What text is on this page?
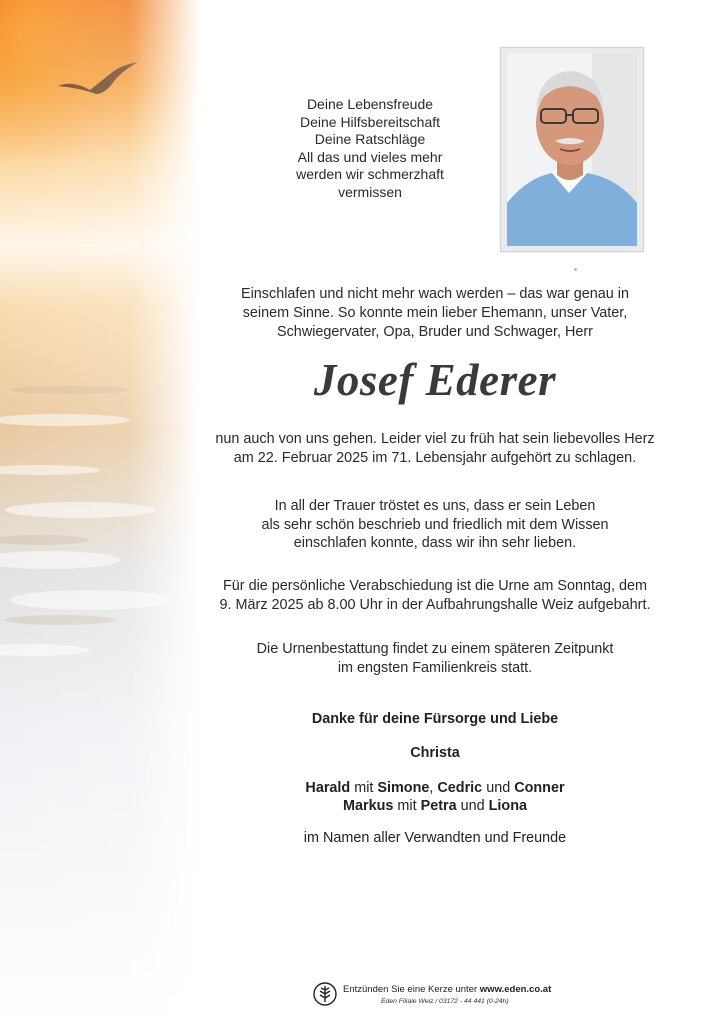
Deine Lebensfreude
Deine Hilfsbereitschaft
Deine Ratschläge
All das und vieles mehr
werden wir schmerzhaft
vermissen
Einschlafen und nicht mehr wach werden – das war genau in
seinem Sinne. So konnte mein lieber Ehemann, unser Vater,
Schwiegervater, Opa, Bruder und Schwager, Herr
Josef Ederer
nun auch von uns gehen. Leider viel zu früh hat sein liebevolles Herz
am 22. Februar 2025 im 71. Lebensjahr aufgehört zu schlagen.
In all der Trauer tröstet es uns, dass er sein Leben
als sehr schön beschrieb und friedlich mit dem Wissen
einschlafen konnte, dass wir ihn sehr lieben.
Für die persönliche Verabschiedung ist die Urne am Sonntag, dem
9. März 2025 ab 8.00 Uhr in der Aufbahrungshalle Weiz aufgebahrt.
Die Urnenbestattung findet zu einem späteren Zeitpunkt
im engsten Familienkreis statt.
Danke für deine Fürsorge und Liebe
Christa
Harald mit Simone, Cedric und Conner
Markus mit Petra und Liona
im Namen aller Verwandten und Freunde
Entzünden Sie eine Kerze unter www.eden.co.at
Eden Filiale Weiz / 03172 - 44 441 (0-24h)
